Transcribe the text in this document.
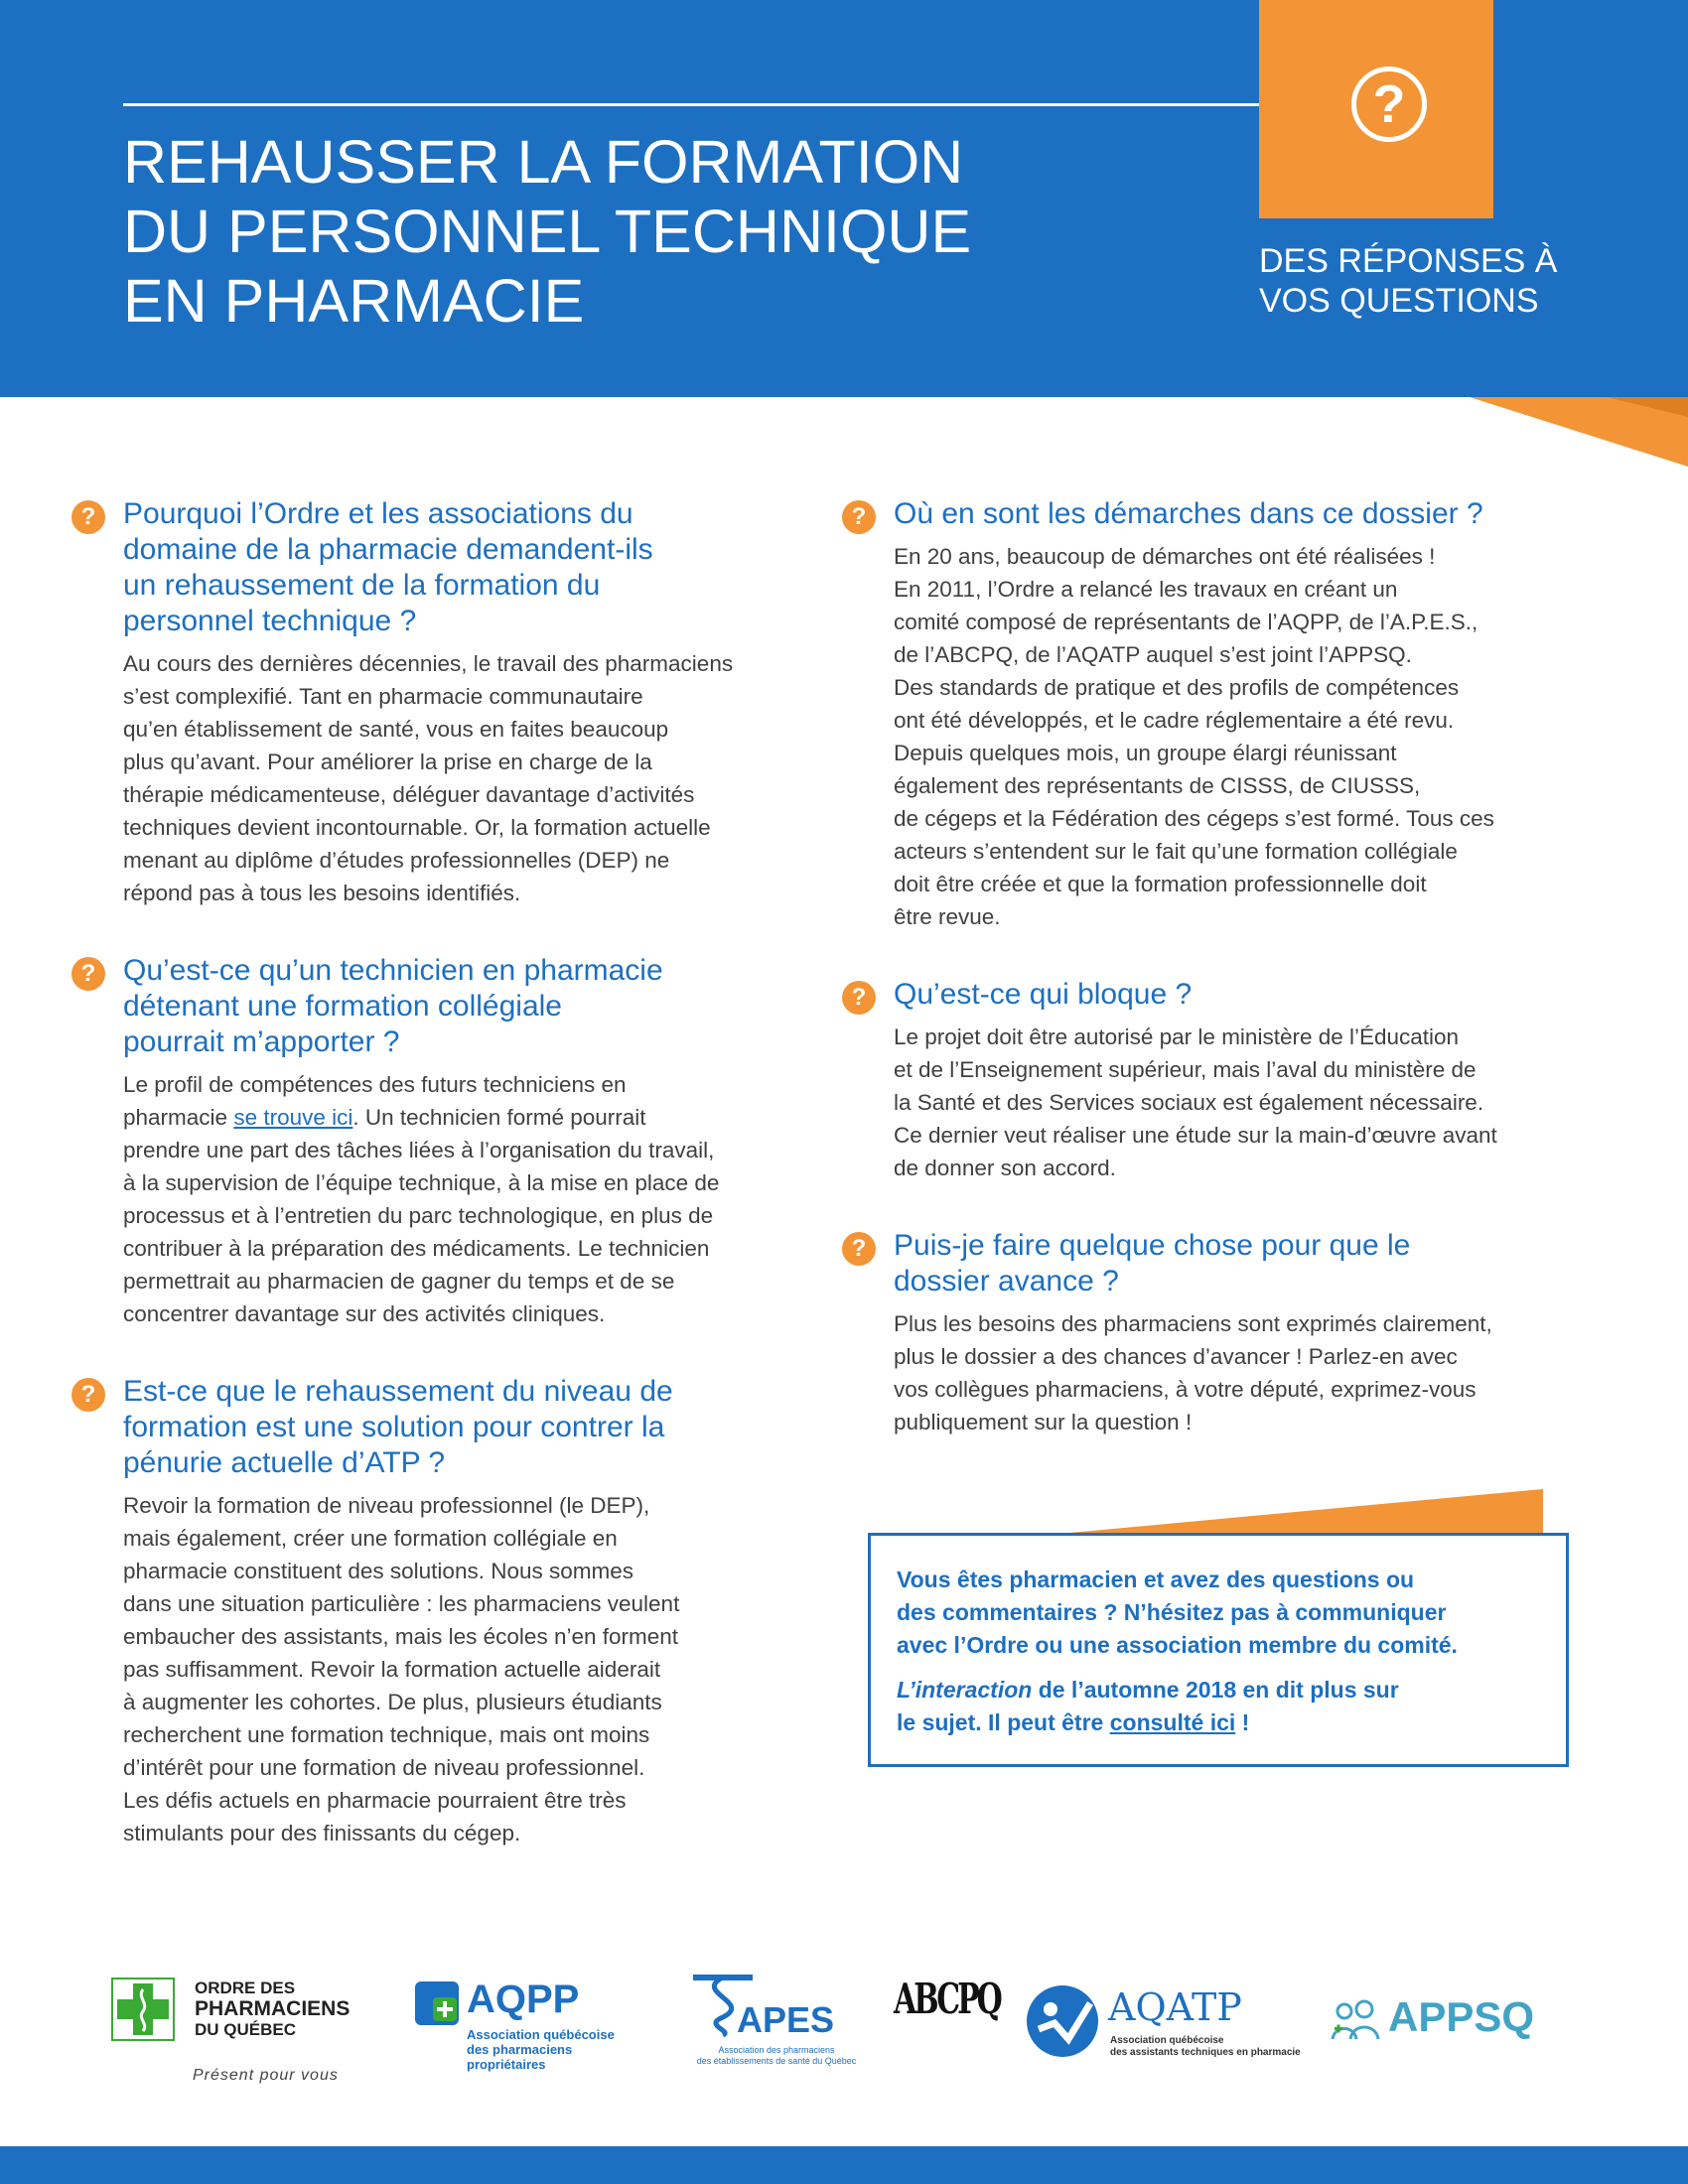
REHAUSSER LA FORMATION
DU PERSONNEL TECHNIQUE
EN PHARMACIE
?
DES RÉPONSES À
VOS QUESTIONS
? Pourquoi l’Ordre et les associations du
domaine de la pharmacie demandent-ils
un rehaussement de la formation du
personnel technique ?
Au cours des dernières décennies, le travail des pharmaciens
s’est complexifié. Tant en pharmacie communautaire
qu’en établissement de santé, vous en faites beaucoup
plus qu’avant. Pour améliorer la prise en charge de la
thérapie médicamenteuse, déléguer davantage d’activités
techniques devient incontournable. Or, la formation actuelle
menant au diplôme d’études professionnelles (DEP) ne
répond pas à tous les besoins identifiés.
? Qu’est-ce qu’un technicien en pharmacie
détenant une formation collégiale
pourrait m’apporter ?
Le profil de compétences des futurs techniciens en
pharmacie se trouve ici. Un technicien formé pourrait
prendre une part des tâches liées à l’organisation du travail,
à la supervision de l’équipe technique, à la mise en place de
processus et à l’entretien du parc technologique, en plus de
contribuer à la préparation des médicaments. Le technicien
permettrait au pharmacien de gagner du temps et de se
concentrer davantage sur des activités cliniques.
? Est-ce que le rehaussement du niveau de
formation est une solution pour contrer la
pénurie actuelle d’ATP ?
Revoir la formation de niveau professionnel (le DEP),
mais également, créer une formation collégiale en
pharmacie constituent des solutions. Nous sommes
dans une situation particulière : les pharmaciens veulent
embaucher des assistants, mais les écoles n’en forment
pas suffisamment. Revoir la formation actuelle aiderait
à augmenter les cohortes. De plus, plusieurs étudiants
recherchent une formation technique, mais ont moins
d’intérêt pour une formation de niveau professionnel.
Les défis actuels en pharmacie pourraient être très
stimulants pour des finissants du cégep.
? Où en sont les démarches dans ce dossier ?
En 20 ans, beaucoup de démarches ont été réalisées !
En 2011, l’Ordre a relancé les travaux en créant un
comité composé de représentants de l’AQPP, de l’A.P.E.S.,
de l’ABCPQ, de l’AQATP auquel s’est joint l’APPSQ.
Des standards de pratique et des profils de compétences
ont été développés, et le cadre réglementaire a été revu.
Depuis quelques mois, un groupe élargi réunissant
également des représentants de CISSS, de CIUSSS,
de cégeps et la Fédération des cégeps s’est formé. Tous ces
acteurs s’entendent sur le fait qu’une formation collégiale
doit être créée et que la formation professionnelle doit
être revue.
? Qu’est-ce qui bloque ?
Le projet doit être autorisé par le ministère de l’Éducation
et de l’Enseignement supérieur, mais l’aval du ministère de
la Santé et des Services sociaux est également nécessaire.
Ce dernier veut réaliser une étude sur la main-d’œuvre avant
de donner son accord.
? Puis-je faire quelque chose pour que le
dossier avance ?
Plus les besoins des pharmaciens sont exprimés clairement,
plus le dossier a des chances d’avancer ! Parlez-en avec
vos collègues pharmaciens, à votre député, exprimez-vous
publiquement sur la question !
Vous êtes pharmacien et avez des questions ou
des commentaires ? N’hésitez pas à communiquer
avec l’Ordre ou une association membre du comité.
L’interaction de l’automne 2018 en dit plus sur
le sujet. Il peut être consulté ici !
ORDRE DES
PHARMACIENS
DU QUÉBEC
Présent pour vous
AQPP
Association québécoise
des pharmaciens
propriétaires
APES
Association des pharmaciens
des établissements de santé du Québec
ABCPQ	AQATP
Association québécoise
des assistants techniques en pharmacie
APPSQ
